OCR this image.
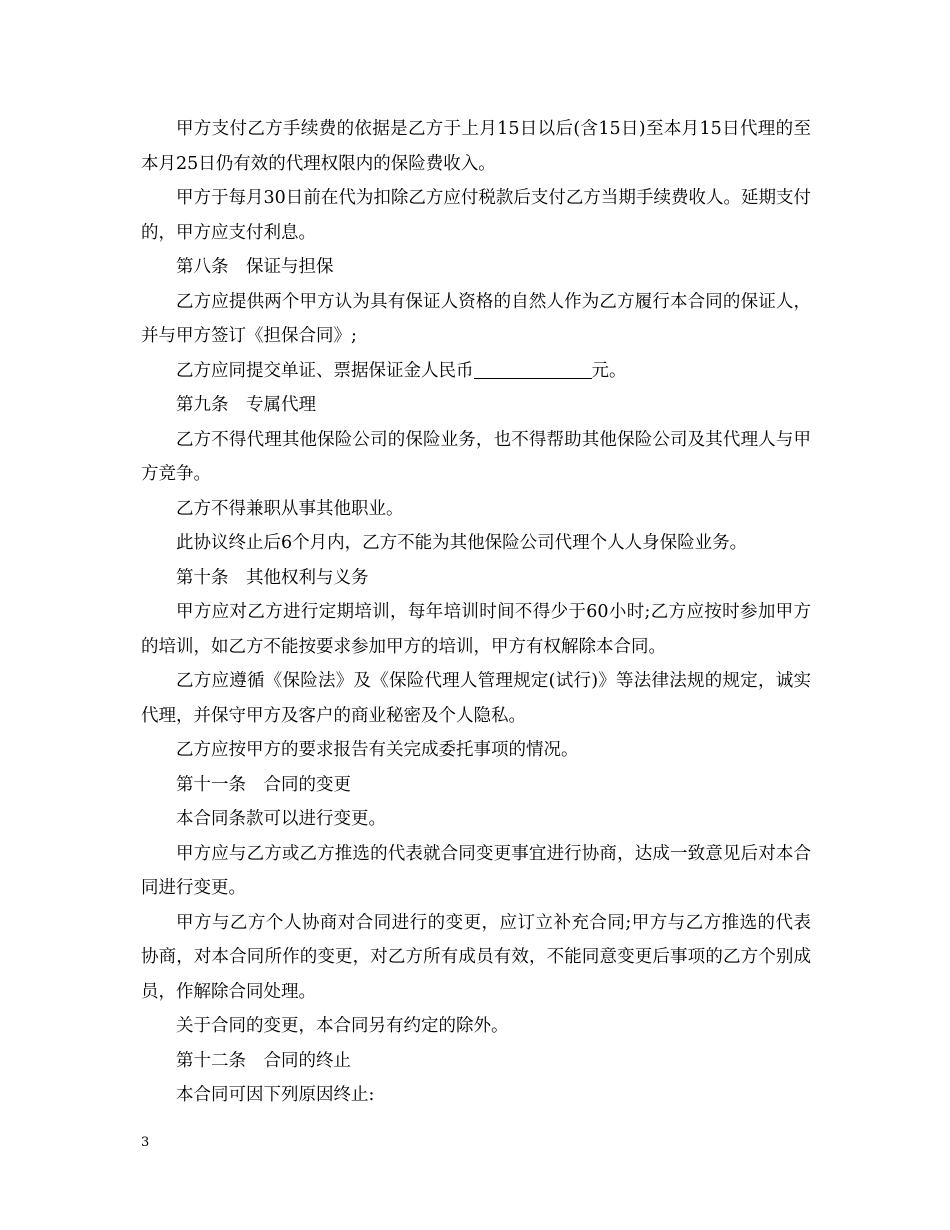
甲方支付乙方手续费的依据是乙方于上月15日以后(含15日)至本月15日代理的至本月25日仍有效的代理权限内的保险费收入。

甲方于每月30日前在代为扣除乙方应付税款后支付乙方当期手续费收人。延期支付的，甲方应支付利息。

第八条　保证与担保

乙方应提供两个甲方认为具有保证人资格的自然人作为乙方履行本合同的保证人，并与甲方签订《担保合同》;

乙方应同提交单证、票据保证金人民币	元。

第九条　专属代理

乙方不得代理其他保险公司的保险业务，也不得帮助其他保险公司及其代理人与甲方竞争。

乙方不得兼职从事其他职业。

此协议终止后6个月内，乙方不能为其他保险公司代理个人人身保险业务。

第十条　其他权利与义务

甲方应对乙方进行定期培训，每年培训时间不得少于60小时;乙方应按时参加甲方的培训，如乙方不能按要求参加甲方的培训，甲方有权解除本合同。

乙方应遵循《保险法》及《保险代理人管理规定(试行)》等法律法规的规定，诚实代理，并保守甲方及客户的商业秘密及个人隐私。

乙方应按甲方的要求报告有关完成委托事项的情况。

第十一条　合同的变更

本合同条款可以进行变更。

甲方应与乙方或乙方推选的代表就合同变更事宜进行协商，达成一致意见后对本合同进行变更。

甲方与乙方个人协商对合同进行的变更，应订立补充合同;甲方与乙方推选的代表协商，对本合同所作的变更，对乙方所有成员有效，不能同意变更后事项的乙方个别成员，作解除合同处理。

关于合同的变更，本合同另有约定的除外。

第十二条　合同的终止

本合同可因下列原因终止:

3
